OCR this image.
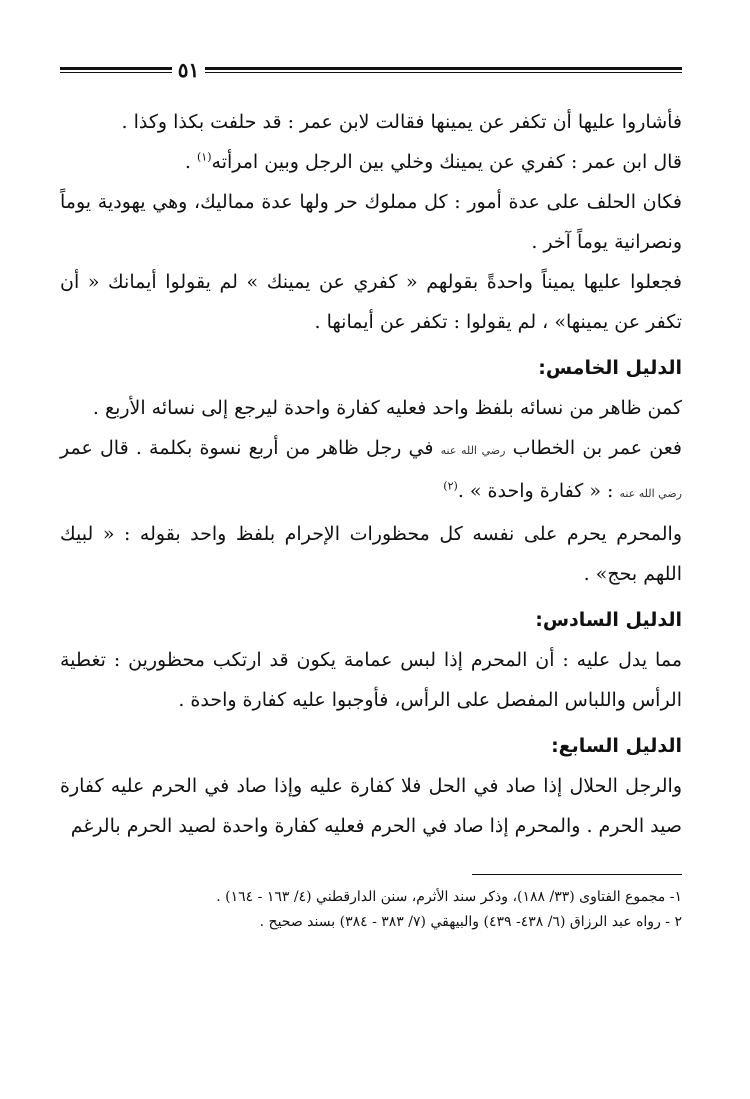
٥١

فأشاروا عليها أن تكفر عن يمينها فقالت لابن عمر : قد حلفت بكذا وكذا .

قال ابن عمر : كفري عن يمينك وخلي بين الرجل وبين امرأته$^{(١)}$ .

فكان الحلف على عدة أمور : كل مملوك حر ولها عدة مماليك، وهي يهودية يوماً ونصرانية يوماً آخر .

فجعلوا عليها يميناً واحدةً بقولهم « كفري عن يمينك » لم يقولوا أيمانك « أن تكفر عن يمينها» ، لم يقولوا : تكفر عن أيمانها .

الدليل الخامس:

كمن ظاهر من نسائه بلفظ واحد فعليه كفارة واحدة ليرجع إلى نسائه الأربع .

فعن عمر بن الخطاب رضي الله عنه في رجل ظاهر من أربع نسوة بكلمة . قال عمر رضي الله عنه : « كفارة واحدة » .$^{(٢)}$

والمحرم يحرم على نفسه كل محظورات الإحرام بلفظ واحد بقوله : « لبيك اللهم بحج» .

الدليل السادس:

مما يدل عليه : أن المحرم إذا لبس عمامة يكون قد ارتكب محظورين : تغطية الرأس واللباس المفصل على الرأس، فأوجبوا عليه كفارة واحدة .

الدليل السابع:

والرجل الحلال إذا صاد في الحل فلا كفارة عليه وإذا صاد في الحرم عليه كفارة صيد الحرم . والمحرم إذا صاد في الحرم فعليه كفارة واحدة لصيد الحرم بالرغم

١- مجموع الفتاوى (٣٣/ ١٨٨)، وذكر سند الأثرم، سنن الدارقطني (٤/ ١٦٣ - ١٦٤) .

٢ - رواه عبد الرزاق (٦/ ٤٣٨- ٤٣٩) والبيهقي (٧/ ٣٨٣ - ٣٨٤) بسند صحيح .
